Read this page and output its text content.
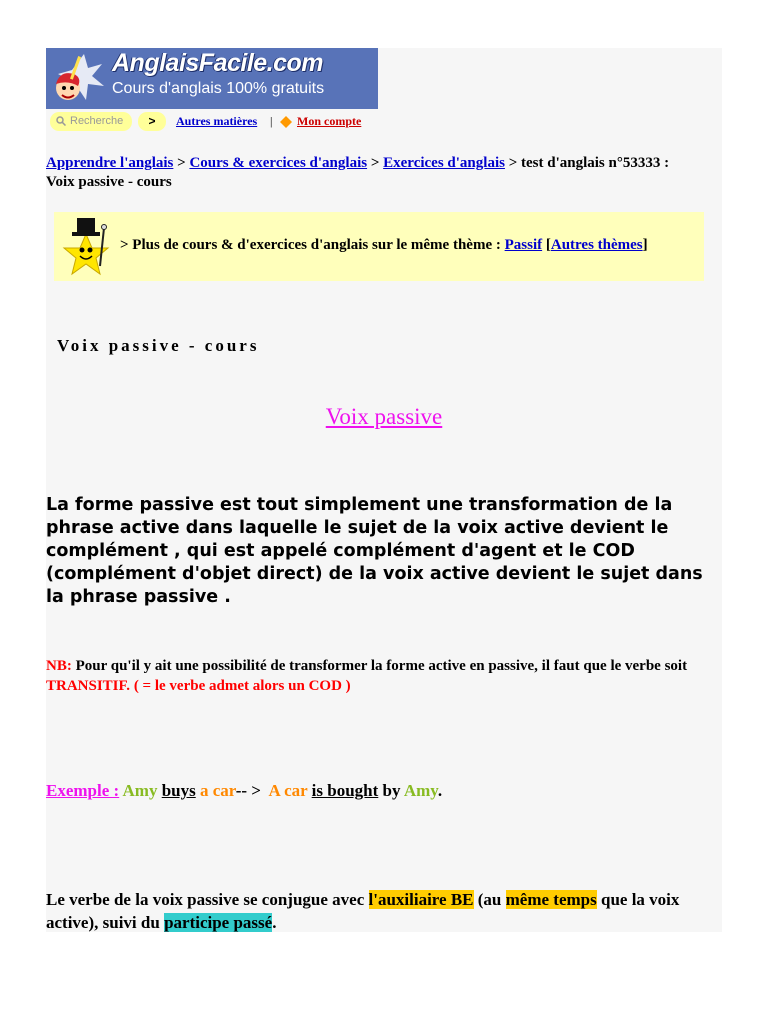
AnglaisFacile.com
Cours d'anglais 100% gratuits
Recherche	>	Autres matières | Mon compte
Apprendre l'anglais > Cours & exercices d'anglais > Exercices d'anglais > test d'anglais n°53333 : Voix passive - cours
> Plus de cours & d'exercices d'anglais sur le même thème : Passif [Autres thèmes]
Voix passive - cours
Voix passive
La forme passive est tout simplement une transformation de la phrase active dans laquelle le sujet de la voix active devient le complément , qui est appelé complément d'agent et le COD (complément d'objet direct) de la voix active devient le sujet dans la phrase passive .
NB: Pour qu'il y ait une possibilité de transformer la forme active en passive, il faut que le verbe soit TRANSITIF. ( = le verbe admet alors un COD )
Exemple : Amy buys a car-- > A car is bought by Amy.
Le verbe de la voix passive se conjugue avec l'auxiliaire BE (au même temps que la voix active), suivi du participe passé.
